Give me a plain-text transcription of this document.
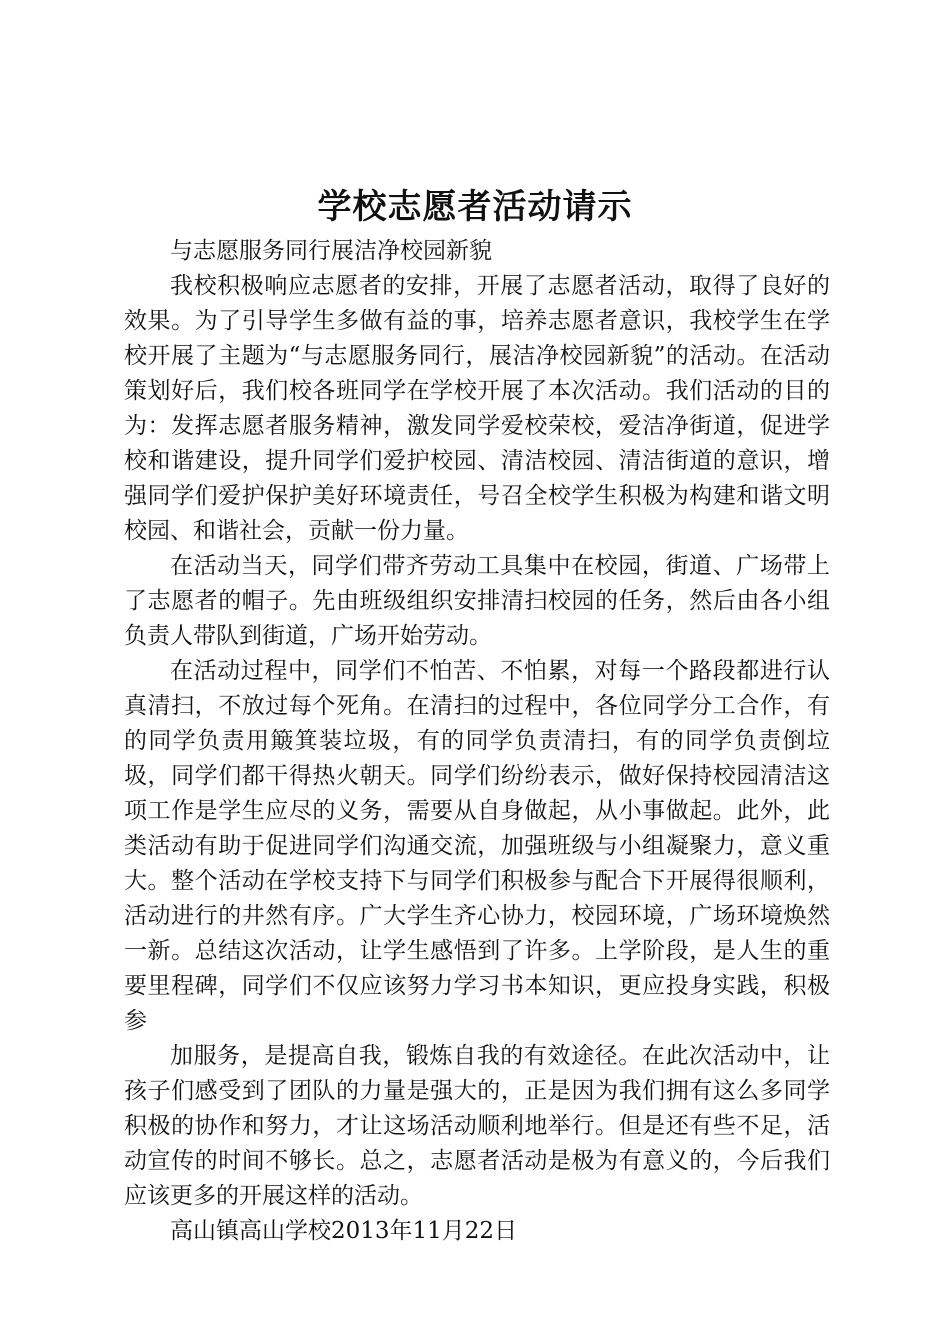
学校志愿者活动请示

与志愿服务同行展洁净校园新貌

我校积极响应志愿者的安排，开展了志愿者活动，取得了良好的效果。为了引导学生多做有益的事，培养志愿者意识，我校学生在学校开展了主题为“与志愿服务同行，展洁净校园新貌”的活动。在活动策划好后，我们校各班同学在学校开展了本次活动。我们活动的目的为：发挥志愿者服务精神，激发同学爱校荣校，爱洁净街道，促进学校和谐建设，提升同学们爱护校园、清洁校园、清洁街道的意识，增强同学们爱护保护美好环境责任，号召全校学生积极为构建和谐文明校园、和谐社会，贡献一份力量。

在活动当天，同学们带齐劳动工具集中在校园，街道、广场带上了志愿者的帽子。先由班级组织安排清扫校园的任务，然后由各小组负责人带队到街道，广场开始劳动。

在活动过程中，同学们不怕苦、不怕累，对每一个路段都进行认真清扫，不放过每个死角。在清扫的过程中，各位同学分工合作，有的同学负责用簸箕装垃圾，有的同学负责清扫，有的同学负责倒垃圾，同学们都干得热火朝天。同学们纷纷表示，做好保持校园清洁这项工作是学生应尽的义务，需要从自身做起，从小事做起。此外，此类活动有助于促进同学们沟通交流，加强班级与小组凝聚力，意义重大。整个活动在学校支持下与同学们积极参与配合下开展得很顺利，活动进行的井然有序。广大学生齐心协力，校园环境，广场环境焕然一新。总结这次活动，让学生感悟到了许多。上学阶段，是人生的重要里程碑，同学们不仅应该努力学习书本知识，更应投身实践，积极参

加服务，是提高自我，锻炼自我的有效途径。在此次活动中，让孩子们感受到了团队的力量是强大的，正是因为我们拥有这么多同学积极的协作和努力，才让这场活动顺利地举行。但是还有些不足，活动宣传的时间不够长。总之，志愿者活动是极为有意义的，今后我们应该更多的开展这样的活动。

高山镇高山学校2013年11月22日
